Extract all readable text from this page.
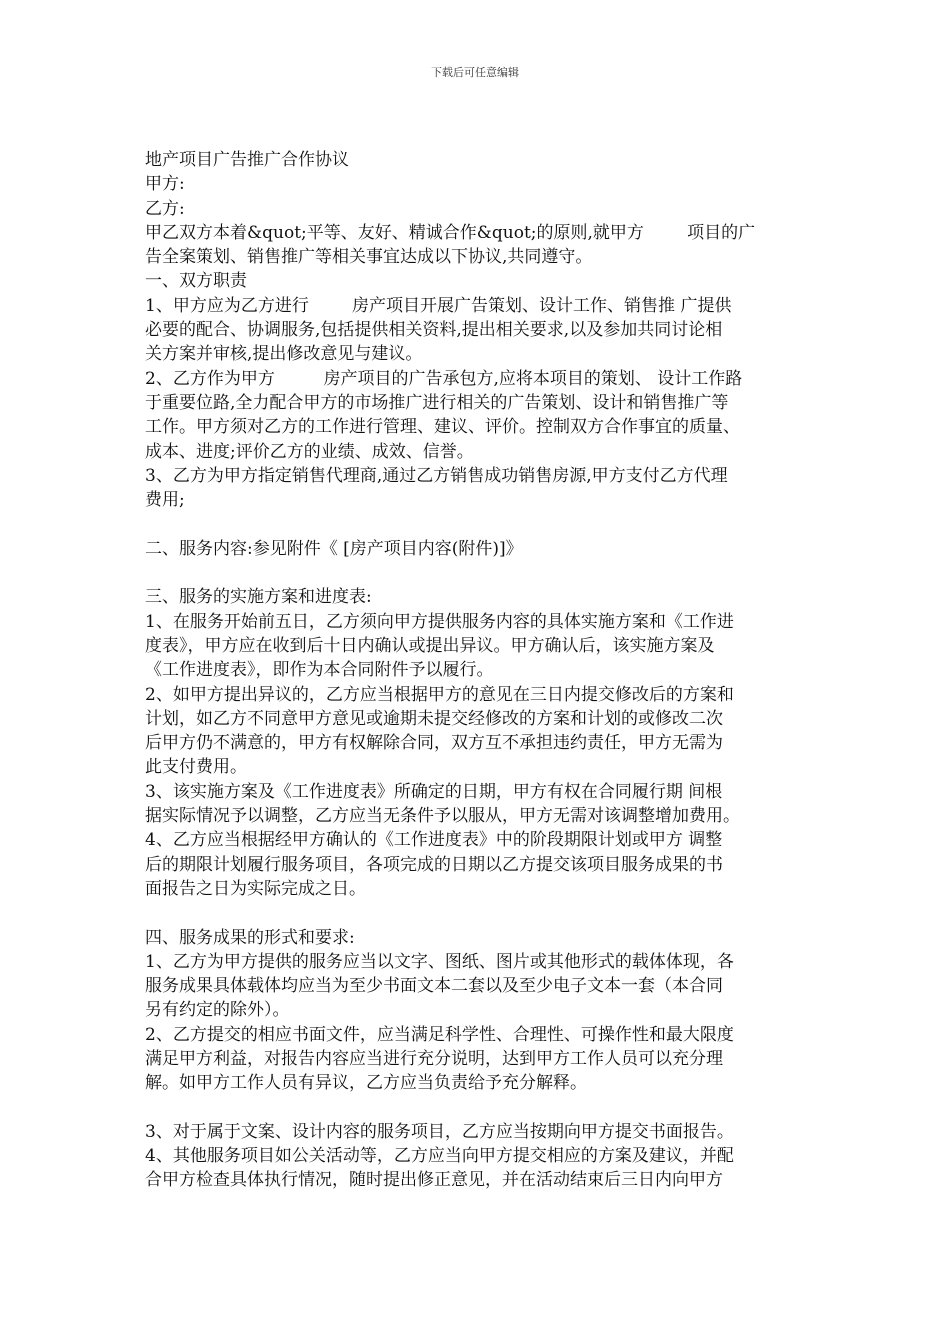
下载后可任意编辑
地产项目广告推广合作协议
甲方:
乙方:
甲乙双方本着&quot;平等、友好、精诚合作&quot;的原则,就甲方        项目的广
告全案策划、销售推广等相关事宜达成以下协议,共同遵守。
一、双方职责
1、甲方应为乙方进行        房产项目开展广告策划、设计工作、销售推 广提供
必要的配合、协调服务,包括提供相关资料,提出相关要求,以及参加共同讨论相
关方案并审核,提出修改意见与建议。
2、乙方作为甲方         房产项目的广告承包方,应将本项目的策划、 设计工作路
于重要位路,全力配合甲方的市场推广进行相关的广告策划、设计和销售推广等
工作。甲方须对乙方的工作进行管理、建议、评价。控制双方合作事宜的质量、
成本、进度;评价乙方的业绩、成效、信誉。
3、乙方为甲方指定销售代理商,通过乙方销售成功销售房源,甲方支付乙方代理
费用;
二、服务内容:参见附件《 [房产项目内容(附件)]》
三、服务的实施方案和进度表:
1、在服务开始前五日，乙方须向甲方提供服务内容的具体实施方案和《工作进
度表》，甲方应在收到后十日内确认或提出异议。甲方确认后，该实施方案及
《工作进度表》，即作为本合同附件予以履行。
2、如甲方提出异议的，乙方应当根据甲方的意见在三日内提交修改后的方案和
计划，如乙方不同意甲方意见或逾期未提交经修改的方案和计划的或修改二次
后甲方仍不满意的，甲方有权解除合同，双方互不承担违约责任，甲方无需为
此支付费用。
3、该实施方案及《工作进度表》所确定的日期，甲方有权在合同履行期 间根
据实际情况予以调整，乙方应当无条件予以服从，甲方无需对该调整增加费用。
4、乙方应当根据经甲方确认的《工作进度表》中的阶段期限计划或甲方 调整
后的期限计划履行服务项目，各项完成的日期以乙方提交该项目服务成果的书
面报告之日为实际完成之日。
四、服务成果的形式和要求:
1、乙方为甲方提供的服务应当以文字、图纸、图片或其他形式的载体体现，各
服务成果具体载体均应当为至少书面文本二套以及至少电子文本一套（本合同
另有约定的除外）。
2、乙方提交的相应书面文件，应当满足科学性、合理性、可操作性和最大限度
满足甲方利益，对报告内容应当进行充分说明，达到甲方工作人员可以充分理
解。如甲方工作人员有异议，乙方应当负责给予充分解释。
3、对于属于文案、设计内容的服务项目，乙方应当按期向甲方提交书面报告。
4、其他服务项目如公关活动等，乙方应当向甲方提交相应的方案及建议，并配
合甲方检查具体执行情况，随时提出修正意见，并在活动结束后三日内向甲方
